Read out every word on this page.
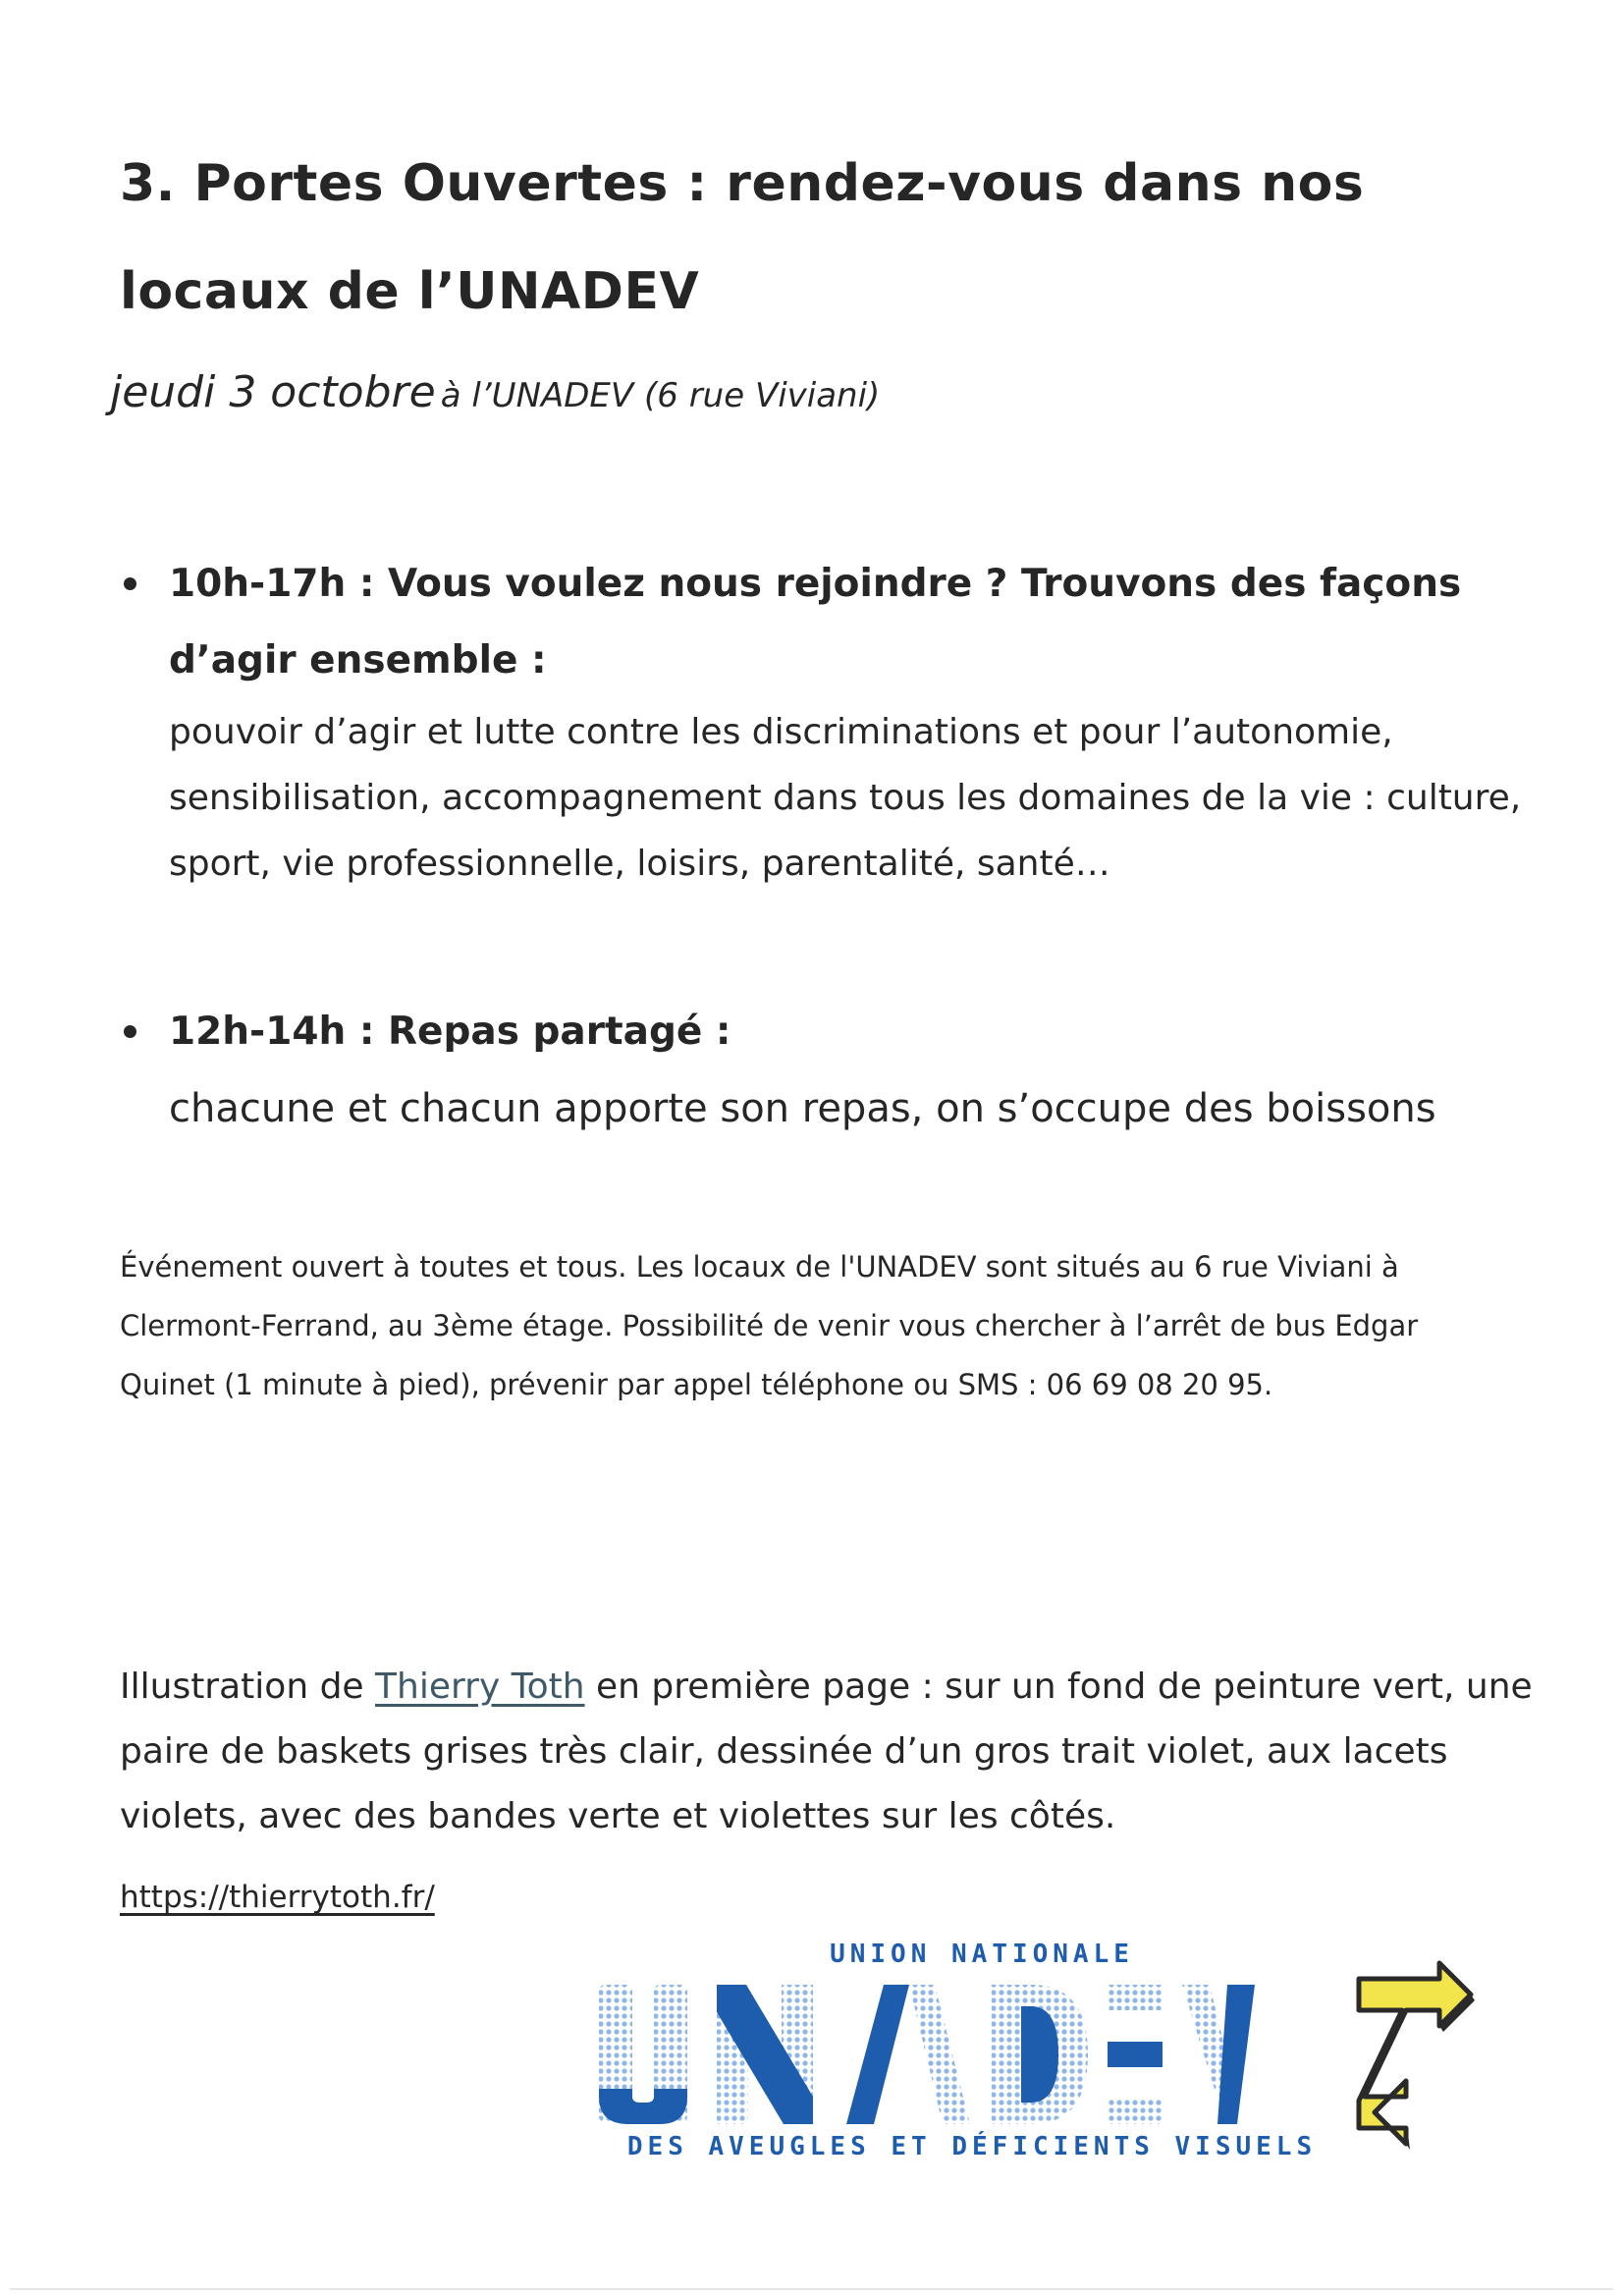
3. Portes Ouvertes : rendez-vous dans nos locaux de l’UNADEV

jeudi 3 octobre à l’UNADEV (6 rue Viviani)

10h-17h : Vous voulez nous rejoindre ? Trouvons des façons d’agir ensemble :

pouvoir d’agir et lutte contre les discriminations et pour l’autonomie, sensibilisation, accompagnement dans tous les domaines de la vie : culture, sport, vie professionnelle, loisirs, parentalité, santé…

12h-14h : Repas partagé :

chacune et chacun apporte son repas, on s’occupe des boissons

Événement ouvert à toutes et tous. Les locaux de l'UNADEV sont situés au 6 rue Viviani à Clermont-Ferrand, au 3ème étage. Possibilité de venir vous chercher à l’arrêt de bus Edgar Quinet (1 minute à pied), prévenir par appel téléphone ou SMS : 06 69 08 20 95.

Illustration de Thierry Toth en première page : sur un fond de peinture vert, une paire de baskets grises très clair, dessinée d’un gros trait violet, aux lacets violets, avec des bandes verte et violettes sur les côtés.

https://thierrytoth.fr/

UNION NATIONALE
DES AVEUGLES ET DÉFICIENTS VISUELS
